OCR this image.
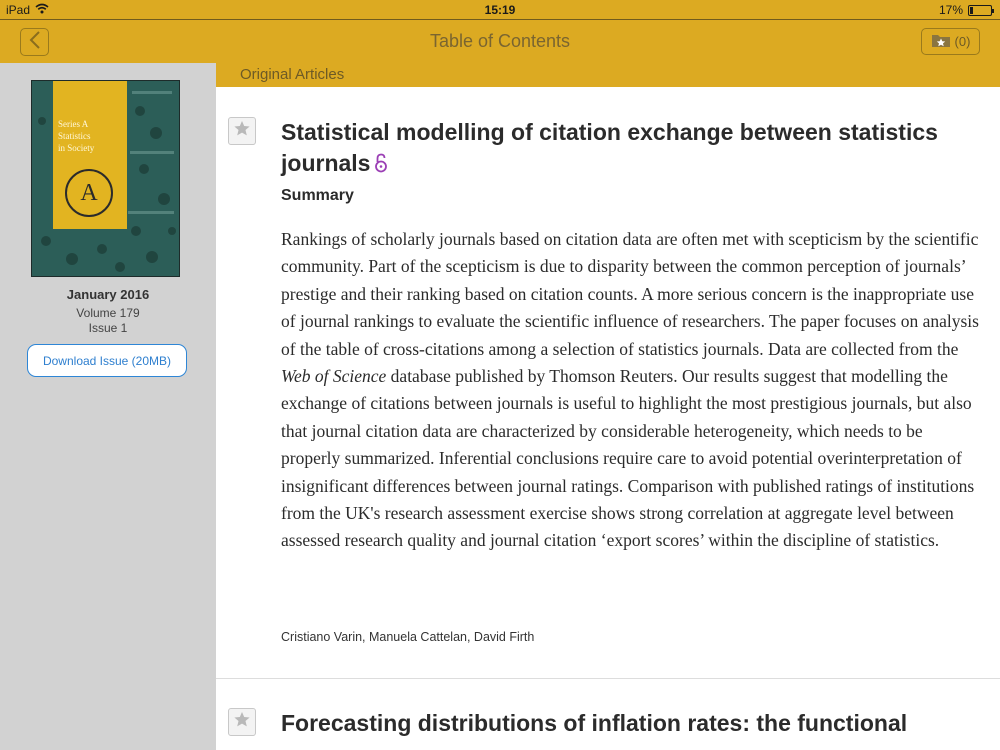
iPad	15:19	17%
Table of Contents	(0)
Original Articles
Series A
Statistics
in Society
A
January 2016
Volume 179
Issue 1
Download Issue (20MB)
Statistical modelling of citation exchange between statistics
journals
Summary
Rankings of scholarly journals based on citation data are often met with scepticism by the scientific community. Part of the scepticism is due to disparity between the common perception of journals’ prestige and their ranking based on citation counts. A more serious concern is the inappropriate use of journal rankings to evaluate the scientific influence of researchers. The paper focuses on analysis of the table of cross-citations among a selection of statistics journals. Data are collected from the Web of Science database published by Thomson Reuters. Our results suggest that modelling the exchange of citations between journals is useful to highlight the most prestigious journals, but also that journal citation data are characterized by considerable heterogeneity, which needs to be properly summarized. Inferential conclusions require care to avoid potential overinterpretation of insignificant differences between journal ratings. Comparison with published ratings of institutions from the UK's research assessment exercise shows strong correlation at aggregate level between assessed research quality and journal citation ‘export scores’ within the discipline of statistics.
Cristiano Varin, Manuela Cattelan, David Firth
Forecasting distributions of inflation rates: the functional
